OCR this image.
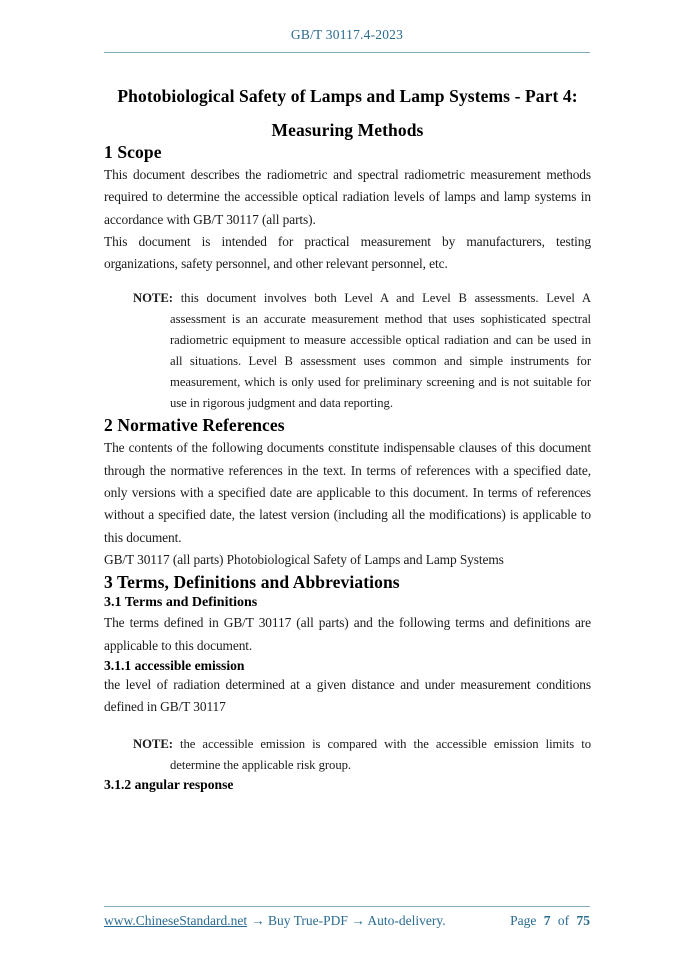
GB/T 30117.4-2023
Photobiological Safety of Lamps and Lamp Systems - Part 4:
Measuring Methods
1 Scope

This document describes the radiometric and spectral radiometric measurement methods required to determine the accessible optical radiation levels of lamps and lamp systems in accordance with GB/T 30117 (all parts).

This document is intended for practical measurement by manufacturers, testing organizations, safety personnel, and other relevant personnel, etc.

NOTE: this document involves both Level A and Level B assessments. Level A assessment is an accurate measurement method that uses sophisticated spectral radiometric equipment to measure accessible optical radiation and can be used in all situations. Level B assessment uses common and simple instruments for measurement, which is only used for preliminary screening and is not suitable for use in rigorous judgment and data reporting.
2 Normative References

The contents of the following documents constitute indispensable clauses of this document through the normative references in the text. In terms of references with a specified date, only versions with a specified date are applicable to this document. In terms of references without a specified date, the latest version (including all the modifications) is applicable to this document.

GB/T 30117 (all parts) Photobiological Safety of Lamps and Lamp Systems

3 Terms, Definitions and Abbreviations
3.1 Terms and Definitions

The terms defined in GB/T 30117 (all parts) and the following terms and definitions are applicable to this document.

3.1.1 accessible emission

the level of radiation determined at a given distance and under measurement conditions defined in GB/T 30117

NOTE: the accessible emission is compared with the accessible emission limits to determine the applicable risk group.
3.1.2 angular response
www.ChineseStandard.net → Buy True-PDF → Auto-delivery.	Page 7 of 75
